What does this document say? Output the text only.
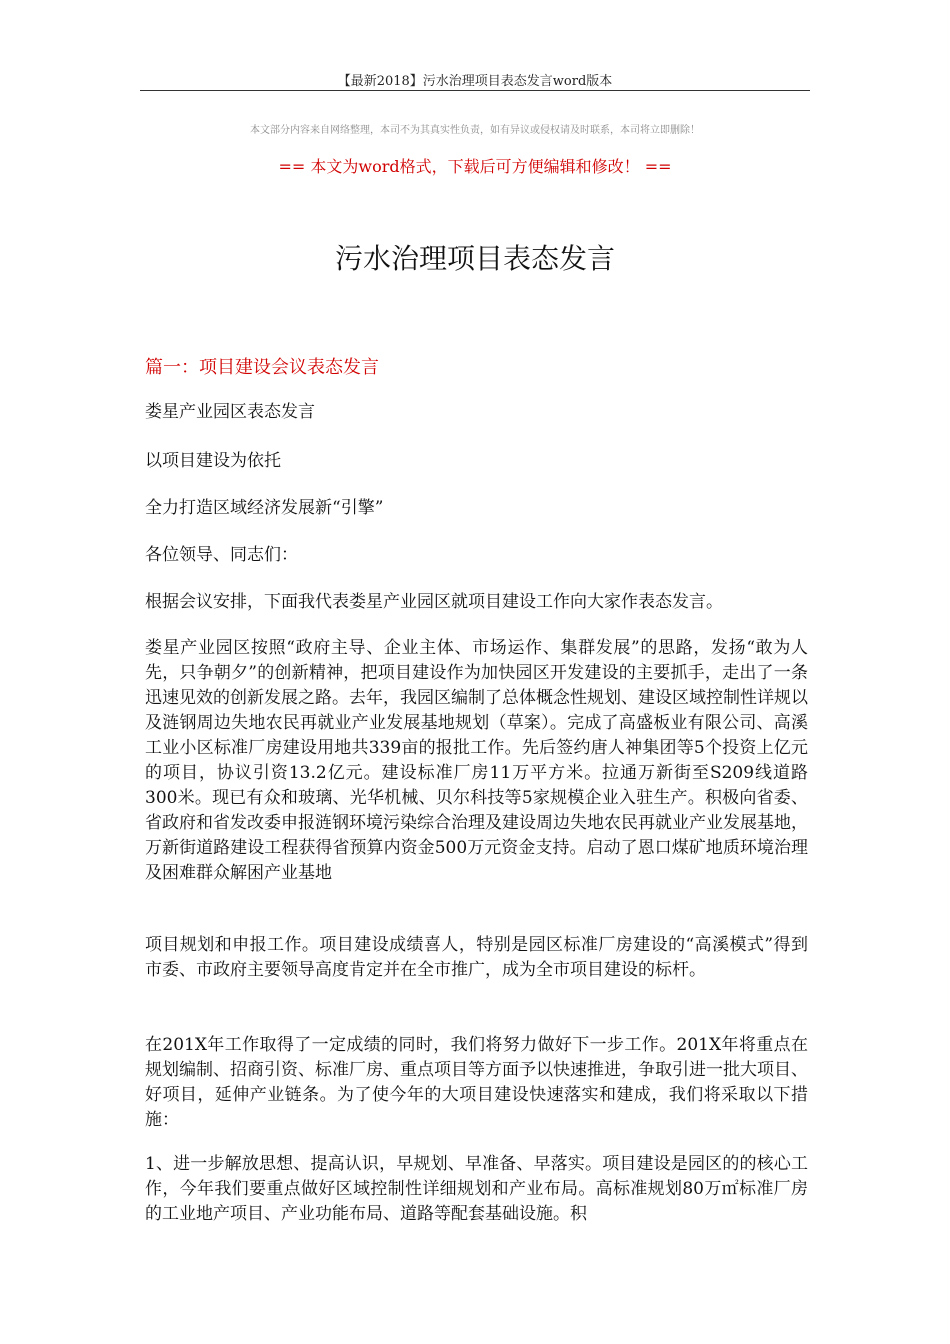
【最新2018】污水治理项目表态发言word版本
本文部分内容来自网络整理，本司不为其真实性负责，如有异议或侵权请及时联系，本司将立即删除！
== 本文为word格式，下载后可方便编辑和修改！ ==
污水治理项目表态发言
篇一：项目建设会议表态发言

娄星产业园区表态发言

以项目建设为依托

全力打造区域经济发展新“引擎”

各位领导、同志们：

根据会议安排，下面我代表娄星产业园区就项目建设工作向大家作表态发言。

娄星产业园区按照“政府主导、企业主体、市场运作、集群发展”的思路，发扬“敢为人先，只争朝夕”的创新精神，把项目建设作为加快园区开发建设的主要抓手，走出了一条迅速见效的创新发展之路。去年，我园区编制了总体概念性规划、建设区域控制性详规以及涟钢周边失地农民再就业产业发展基地规划（草案）。完成了高盛板业有限公司、高溪工业小区标准厂房建设用地共339亩的报批工作。先后签约唐人神集团等5个投资上亿元的项目，协议引资13.2亿元。建设标准厂房11万平方米。拉通万新街至S209线道路300米。现已有众和玻璃、光华机械、贝尔科技等5家规模企业入驻生产。积极向省委、省政府和省发改委申报涟钢环境污染综合治理及建设周边失地农民再就业产业发展基地，万新街道路建设工程获得省预算内资金500万元资金支持。启动了恩口煤矿地质环境治理及困难群众解困产业基地

项目规划和申报工作。项目建设成绩喜人，特别是园区标准厂房建设的“高溪模式”得到市委、市政府主要领导高度肯定并在全市推广，成为全市项目建设的标杆。

在201X年工作取得了一定成绩的同时，我们将努力做好下一步工作。201X年将重点在规划编制、招商引资、标准厂房、重点项目等方面予以快速推进，争取引进一批大项目、好项目，延伸产业链条。为了使今年的大项目建设快速落实和建成，我们将采取以下措施：

1、进一步解放思想、提高认识，早规划、早准备、早落实。项目建设是园区的的核心工作，今年我们要重点做好区域控制性详细规划和产业布局。高标准规划80万㎡标准厂房的工业地产项目、产业功能布局、道路等配套基础设施。积
